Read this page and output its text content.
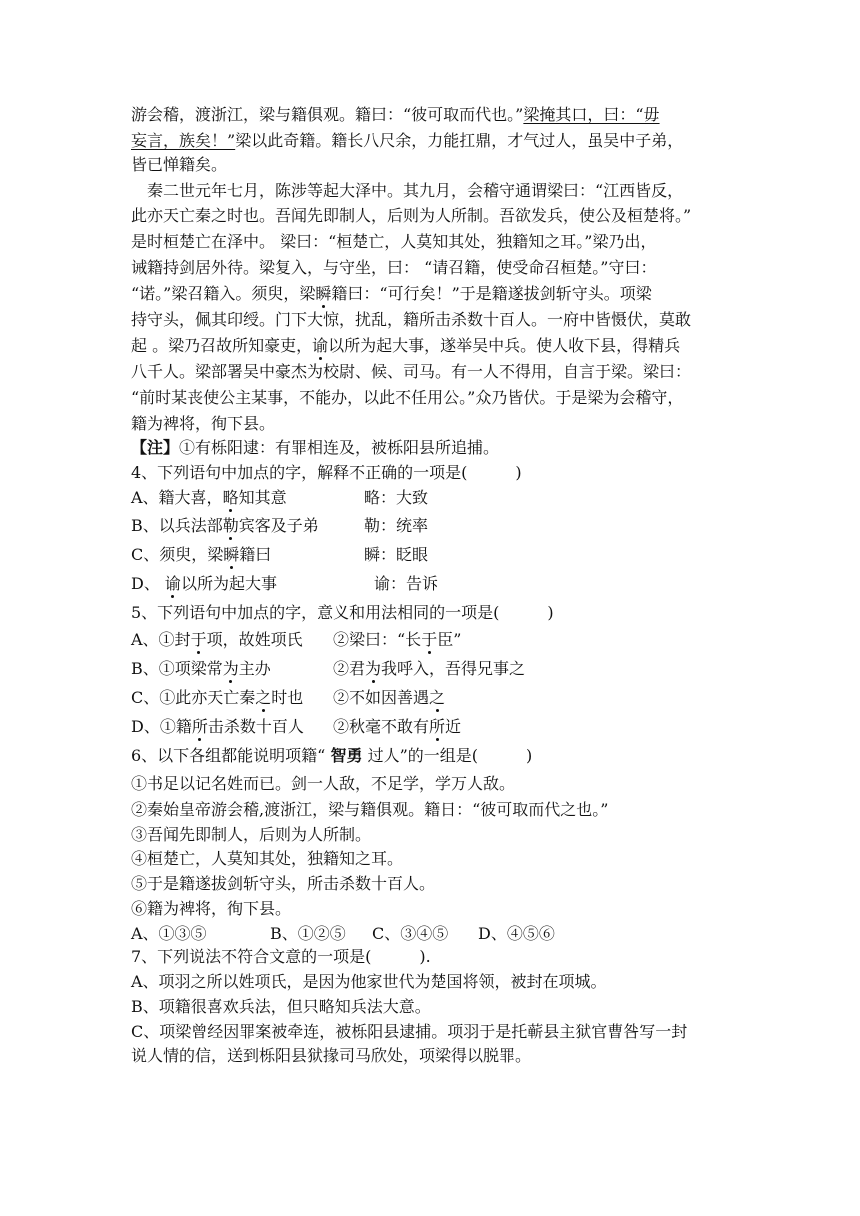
游会稽，渡浙江，梁与籍俱观。籍曰：“彼可取而代也。”梁掩其口，曰：“毋
妄言，族矣！”梁以此奇籍。籍长八尺余，力能扛鼎，才气过人，虽吴中子弟，
皆已惮籍矣。
　秦二世元年七月，陈涉等起大泽中。其九月，会稽守通谓梁曰：“江西皆反，
此亦天亡秦之时也。吾闻先即制人，后则为人所制。吾欲发兵，使公及桓楚将。”
是时桓楚亡在泽中。 梁曰：“桓楚亡，人莫知其处，独籍知之耳。”梁乃出，
诫籍持剑居外待。梁复入，与守坐，曰： “请召籍，使受命召桓楚。”守曰：
“诺。”梁召籍入。须臾，梁瞬籍曰：“可行矣！”于是籍遂拔剑斩守头。项梁
持守头，佩其印绶。门下大惊，扰乱，籍所击杀数十百人。一府中皆慑伏，莫敢
起 。梁乃召故所知豪吏，谕以所为起大事，遂举吴中兵。使人收下县，得精兵
八千人。梁部署吴中豪杰为校尉、候、司马。有一人不得用，自言于梁。梁曰：
“前时某丧使公主某事，不能办，以此不任用公。”众乃皆伏。于是梁为会稽守，
籍为裨将，徇下县。
【注】①有栎阳逮：有罪相连及，被栎阳县所追捕。
4、下列语句中加点的字，解释不正确的一项是(　　　)
A、籍大喜，略知其意	略：大致
B、以兵法部勒宾客及子弟	勒：统率
C、须臾，梁瞬籍曰	瞬：眨眼
D、 谕以所为起大事	谕：告诉
5、下列语句中加点的字，意义和用法相同的一项是(　　　)
A、①封于项，故姓项氏 ②梁曰：“长于臣”
B、①项梁常为主办	②君为我呼入，吾得兄事之
C、①此亦天亡秦之时也 ②不如因善遇之
D、①籍所击杀数十百人 ②秋毫不敢有所近
6、以下各组都能说明项籍“ 智勇 过人”的一组是(　　　)
①书足以记名姓而已。剑一人敌，不足学，学万人敌。
②秦始皇帝游会稽,渡浙江，梁与籍俱观。籍日：“彼可取而代之也。”
③吾闻先即制人，后则为人所制。
④桓楚亡，人莫知其处，独籍知之耳。
⑤于是籍遂拔剑斩守头，所击杀数十百人。
⑥籍为裨将，徇下县。
A、①③⑤	B、①②⑤ C、③④⑤ D、④⑤⑥
7、下列说法不符合文意的一项是(　　　).
A、项羽之所以姓项氏，是因为他家世代为楚国将领，被封在项城。
B、项籍很喜欢兵法，但只略知兵法大意。
C、项梁曾经因罪案被牵连，被栎阳县逮捕。项羽于是托蕲县主狱官曹咎写一封
说人情的信，送到栎阳县狱掾司马欣处，项梁得以脱罪。
